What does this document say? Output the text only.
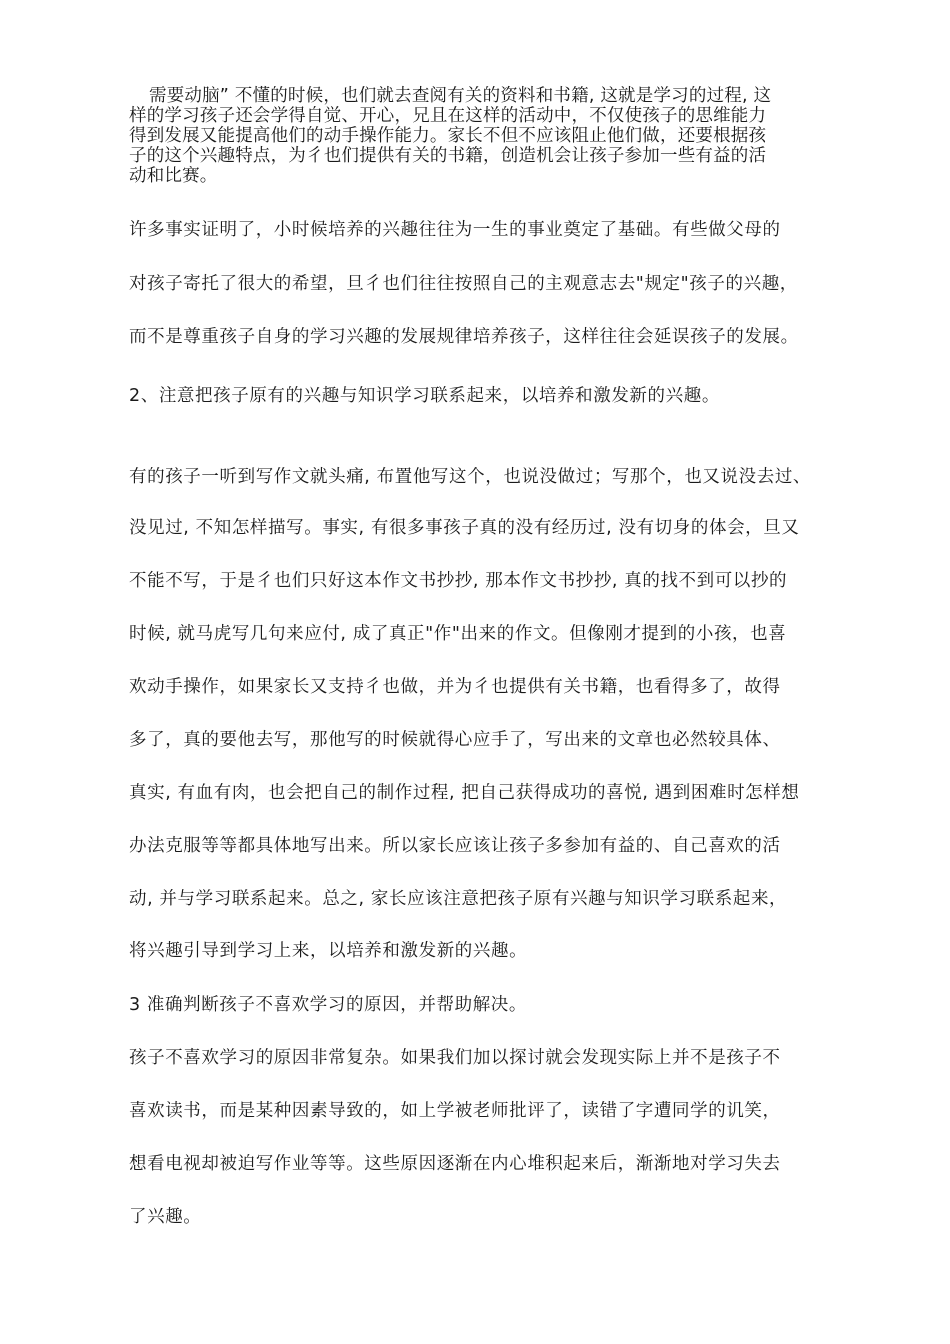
需要动脑” 不懂的时候，也们就去查阅有关的资料和书籍, 这就是学习的过程, 这
样的学习孩子还会学得自觉、开心，兄且在这样的活动中，不仅使孩子的思维能力
得到发展又能提高他们的动手操作能力。家长不但不应该阻止他们做，还要根据孩
子的这个兴趣特点，为彳也们提供有关的书籍，创造机会让孩子参加一些有益的活
动和比赛。
许多事实证明了，小时候培养的兴趣往往为一生的事业奠定了基础。有些做父母的
对孩子寄托了很大的希望，旦彳也们往往按照自己的主观意志去"规定"孩子的兴趣，
而不是尊重孩子自身的学习兴趣的发展规律培养孩子，这样往往会延误孩子的发展。
2、注意把孩子原有的兴趣与知识学习联系起来，以培养和激发新的兴趣。
有的孩子一听到写作文就头痛, 布置他写这个，也说没做过；写那个，也又说没去过、
没见过, 不知怎样描写。事实, 有很多事孩子真的没有经历过, 没有切身的体会，旦又
不能不写，于是彳也们只好这本作文书抄抄, 那本作文书抄抄, 真的找不到可以抄的
时候, 就马虎写几句来应付, 成了真正"作"出来的作文。但像刚才提到的小孩，也喜
欢动手操作，如果家长又支持彳也做，并为彳也提供有关书籍，也看得多了，故得
多了，真的要他去写，那他写的时候就得心应手了，写出来的文章也必然较具体、
真实, 有血有肉，也会把自己的制作过程, 把自己获得成功的喜悦, 遇到困难时怎样想
办法克服等等都具体地写出来。所以家长应该让孩子多参加有益的、自己喜欢的活
动, 并与学习联系起来。总之, 家长应该注意把孩子原有兴趣与知识学习联系起来，
将兴趣引导到学习上来，以培养和激发新的兴趣。
3 准确判断孩子不喜欢学习的原因，并帮助解决。
孩子不喜欢学习的原因非常复杂。如果我们加以探讨就会发现实际上并不是孩子不
喜欢读书，而是某种因素导致的，如上学被老师批评了，读错了字遭同学的讥笑，
想看电视却被迫写作业等等。这些原因逐渐在内心堆积起来后，渐渐地对学习失去
了兴趣。
